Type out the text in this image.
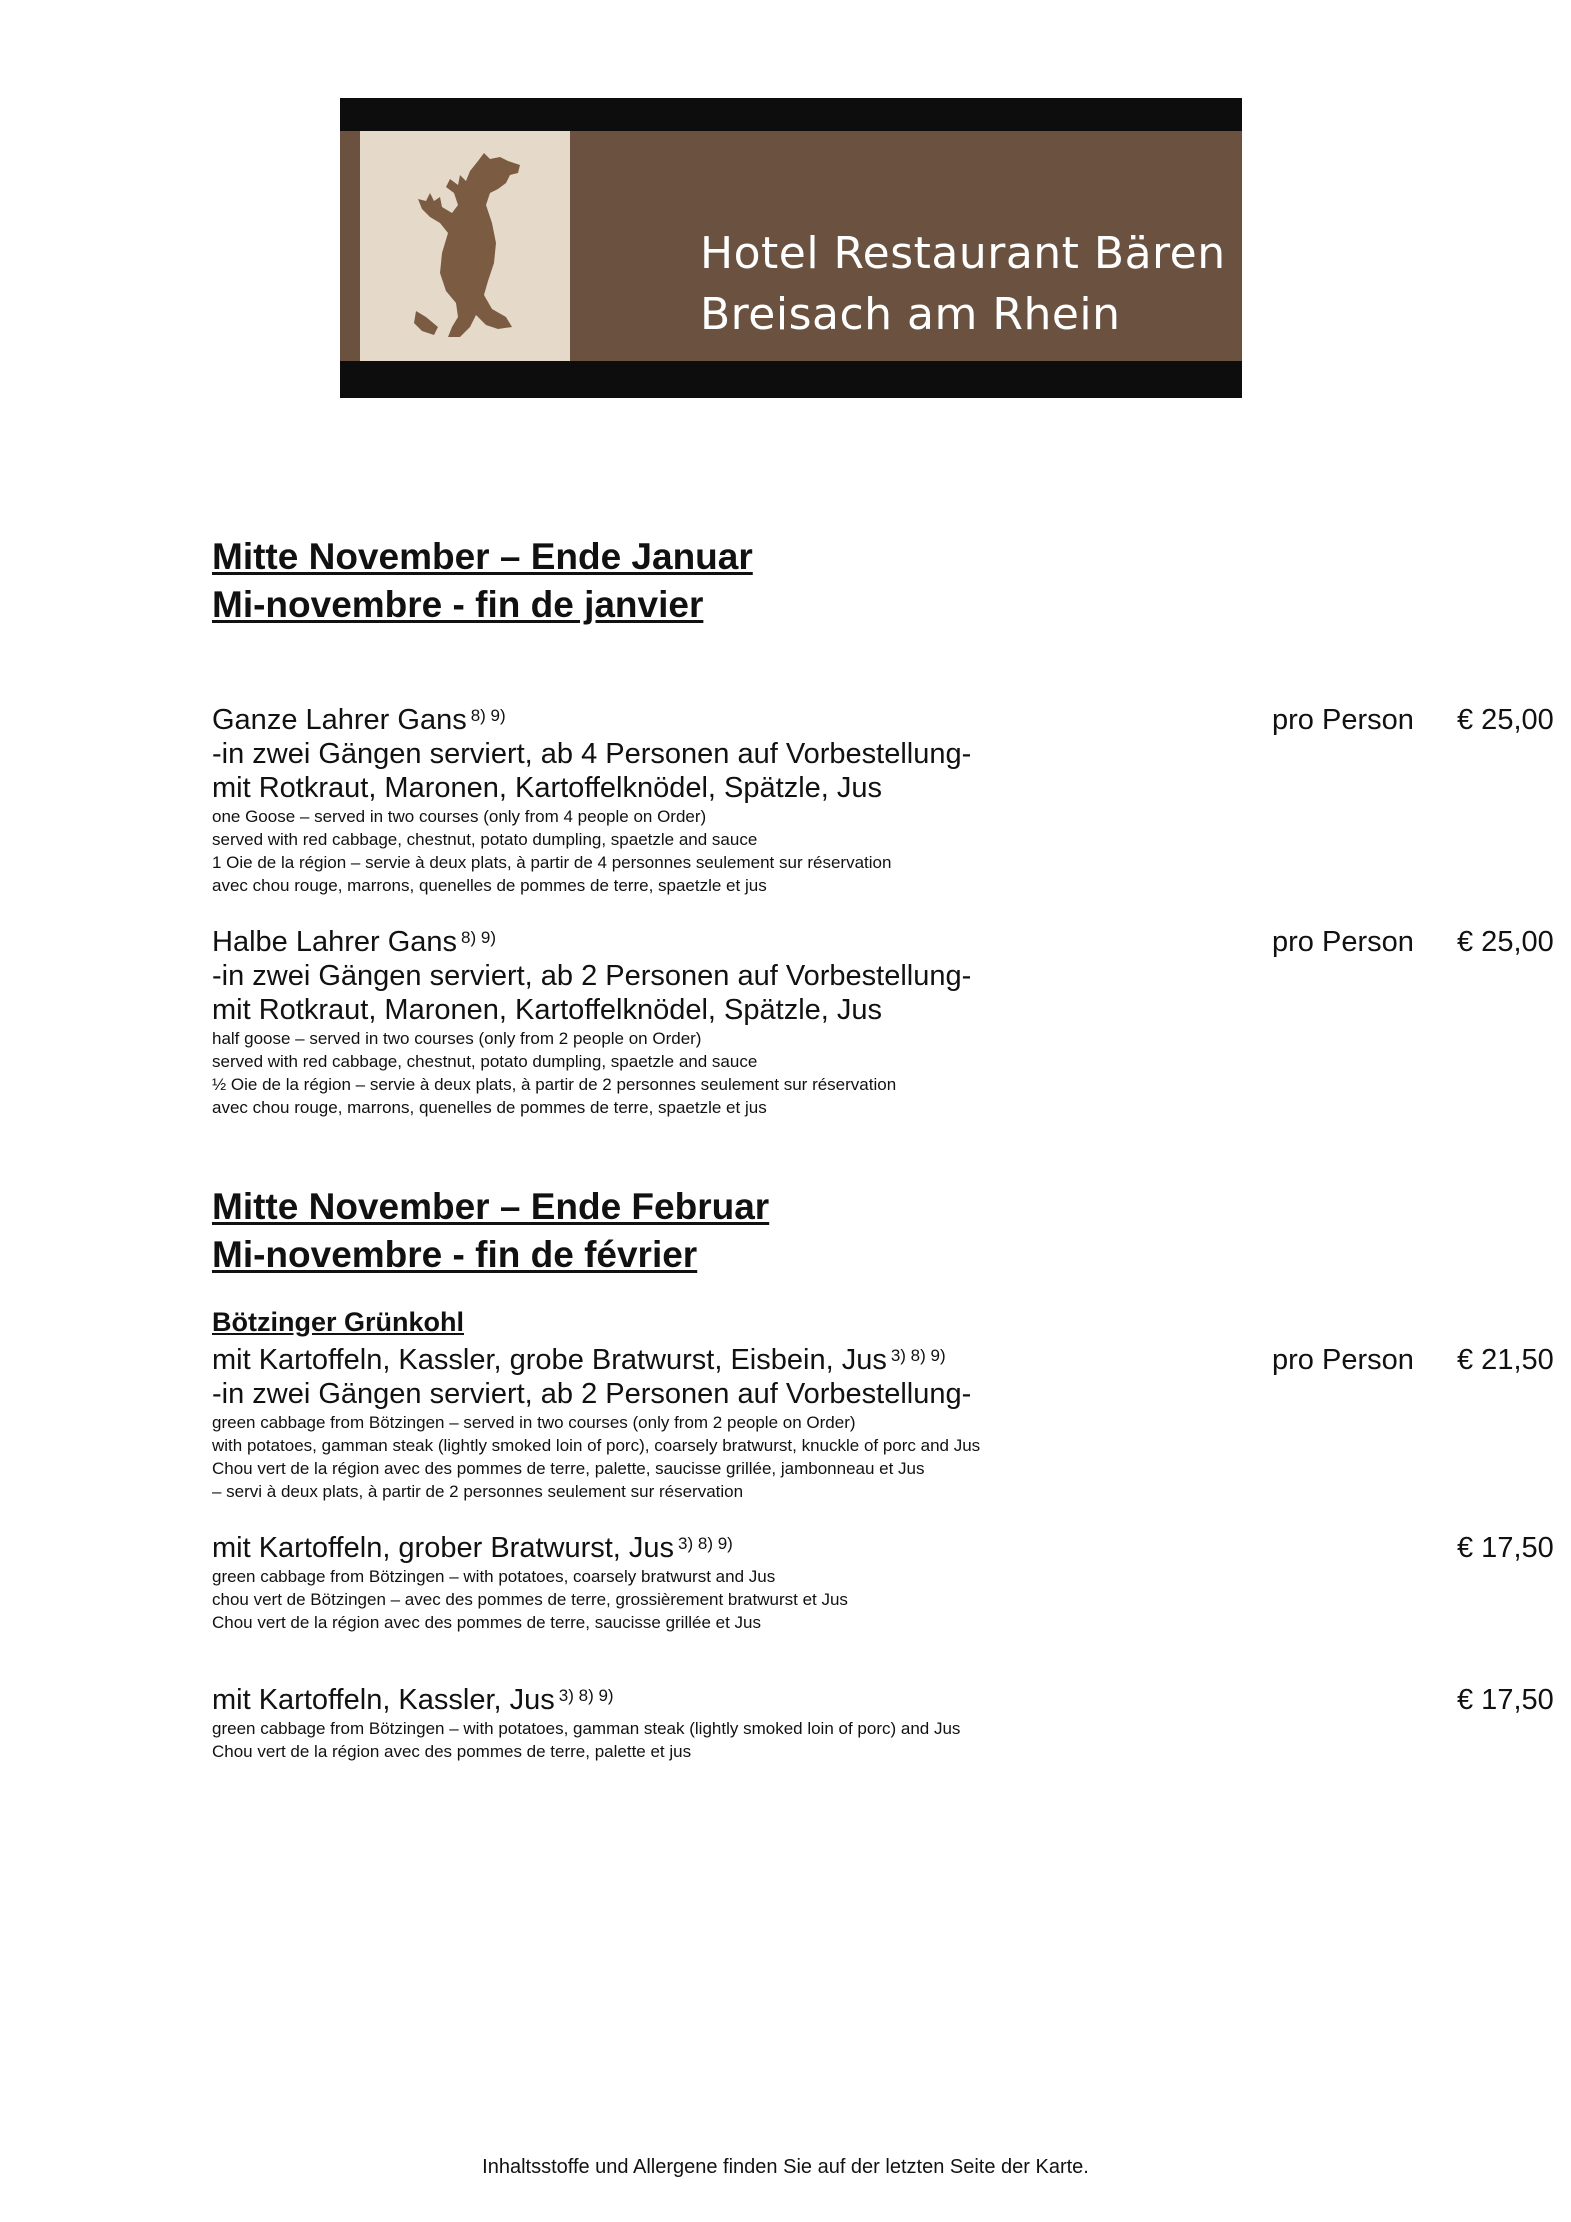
Hotel Restaurant Bären
Breisach am Rhein
Mitte November – Ende Januar
Mi-novembre - fin de janvier
Ganze Lahrer Gans $^{8) 9)}$	pro Person € 25,00
-in zwei Gängen serviert, ab 4 Personen auf Vorbestellung-
mit Rotkraut, Maronen, Kartoffelknödel, Spätzle, Jus
one Goose – served in two courses (only from 4 people on Order)
served with red cabbage, chestnut, potato dumpling, spaetzle and sauce
1 Oie de la région – servie à deux plats, à partir de 4 personnes seulement sur réservation
avec chou rouge, marrons, quenelles de pommes de terre, spaetzle et jus
Halbe Lahrer Gans $^{8) 9)}$	pro Person € 25,00
-in zwei Gängen serviert, ab 2 Personen auf Vorbestellung-
mit Rotkraut, Maronen, Kartoffelknödel, Spätzle, Jus
half goose – served in two courses (only from 2 people on Order)
served with red cabbage, chestnut, potato dumpling, spaetzle and sauce
½ Oie de la région – servie à deux plats, à partir de 2 personnes seulement sur réservation
avec chou rouge, marrons, quenelles de pommes de terre, spaetzle et jus
Mitte November – Ende Februar
Mi-novembre - fin de février
Bötzinger Grünkohl
mit Kartoffeln, Kassler, grobe Bratwurst, Eisbein, Jus $^{3) 8) 9)}$	pro Person € 21,50
-in zwei Gängen serviert, ab 2 Personen auf Vorbestellung-
green cabbage from Bötzingen – served in two courses (only from 2 people on Order)
with potatoes, gamman steak (lightly smoked loin of porc), coarsely bratwurst, knuckle of porc and Jus
Chou vert de la région avec des pommes de terre, palette, saucisse grillée, jambonneau et Jus
– servi à deux plats, à partir de 2 personnes seulement sur réservation
mit Kartoffeln, grober Bratwurst, Jus $^{3) 8) 9)}$	€ 17,50
green cabbage from Bötzingen – with potatoes, coarsely bratwurst and Jus
chou vert de Bötzingen – avec des pommes de terre, grossièrement bratwurst et Jus
Chou vert de la région avec des pommes de terre, saucisse grillée et Jus
mit Kartoffeln, Kassler, Jus $^{3) 8) 9)}$	€ 17,50
green cabbage from Bötzingen – with potatoes, gamman steak (lightly smoked loin of porc) and Jus
Chou vert de la région avec des pommes de terre, palette et jus
Inhaltsstoffe und Allergene finden Sie auf der letzten Seite der Karte.
